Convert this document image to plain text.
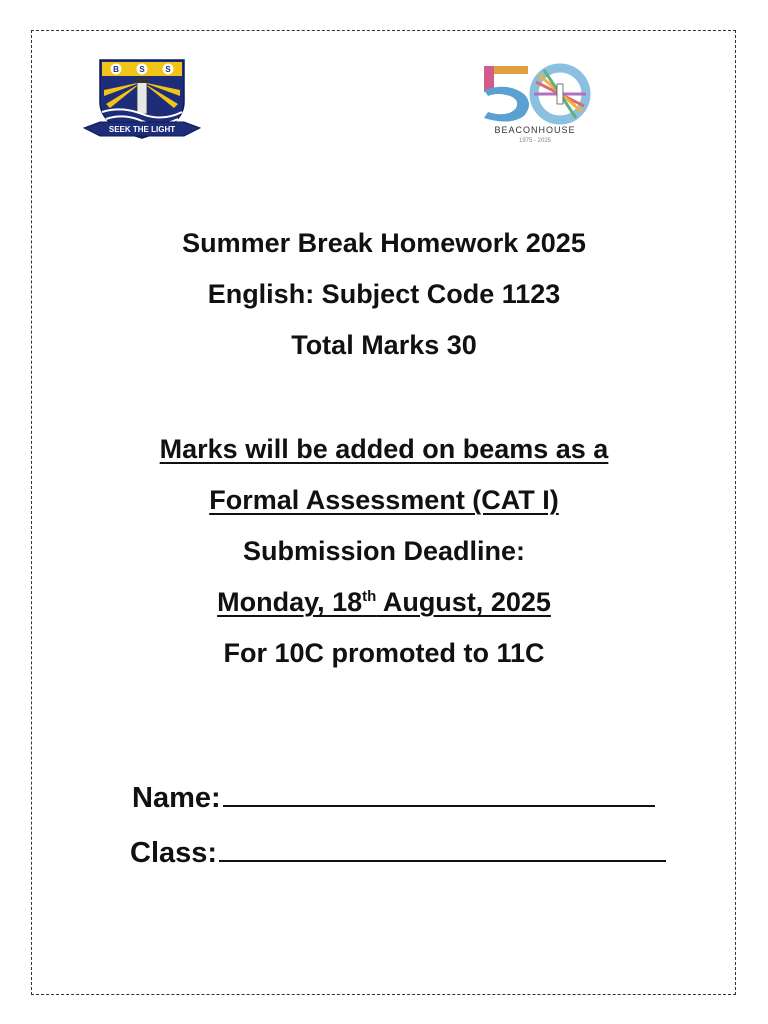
B	S	S
SEEK THE LIGHT	BEACONHOUSE
1975 - 2025
Summer Break Homework 2025
English: Subject Code 1123
Total Marks 30
Marks will be added on beams as a
Formal Assessment (CAT I)
Submission Deadline:
Monday, 18th August, 2025
For 10C promoted to 11C
Name:
Class:
